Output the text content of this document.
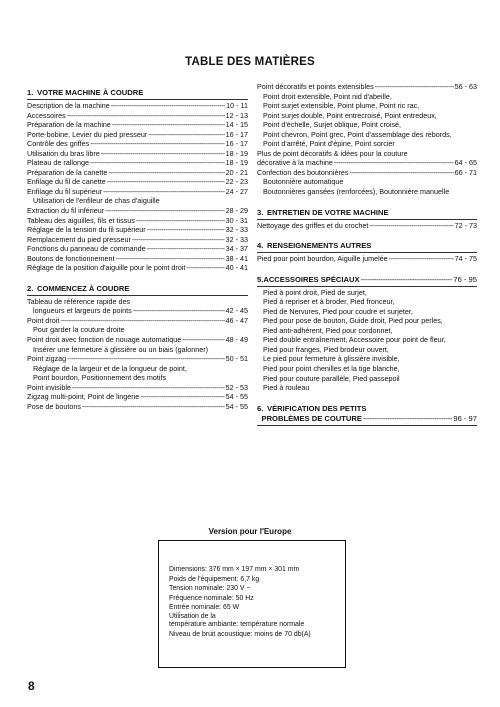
TABLE DES MATIÈRES
1. VOTRE MACHINE À COUDRE
Description de la machine -----	10 - 11
Accessoires -----	12 - 13
Préparation de la machine -----	14 - 15
Porte-bobine, Levier du pied presseur -----	16 - 17
Contrôle des griffes -----	16 - 17
Utilisation du bras libre -----	18 - 19
Plateau de rallonge -----	18 - 19
Préparation de la canette -----	20 - 21
Enfilage du fil de canette -----	22 - 23
Enfilage du fil supérieur -----	24 - 27
Utilisation de l'enfileur de chas d'aiguille
Extraction du fil inférieur -----	28 - 29
Tableau des aiguilles, fils et tissus -----	30 - 31
Réglage de la tension du fil supérieur -----	32 - 33
Remplacement du pied presseur -----	32 - 33
Fonctions du panneau de commande -----	34 - 37
Boutons de fonctionnement -----	38 - 41
Réglage de la position d'aiguille pour le point droit -----	40 - 41
2. COMMENCEZ À COUDRE
Tableau de référence rapide des
longueurs et largeurs de points -----	42 - 45
Point droit -----	46 - 47
Pour garder la couture droite
Point droit avec fonction de nouage automatique -----	48 - 49
Insérer une fermeture à glissière ou un biais (galonner)
Point zigzag -----	50 - 51
Réglage de la largeur et de la longueur de point,
Point bourdon, Positionnement des motifs
Point invisible -----	52 - 53
Zigzag multi-point, Point de lingerie -----	54 - 55
Pose de boutons -----	54 - 55
Point décoratifs et points extensibles -----	56 - 63
Point droit extensible, Point nid d'abeille,
Point surjet extensible, Point plume, Point ric rac,
Point surjet double, Point entrecroisé, Point entredeux,
Point d'échelle, Surjet oblique, Point croisé,
Point chevron, Point grec, Point d'assemblage des rebords,
Point d'arrêté, Point d'épine, Point sorcier
Plus de point décoratifs & idées pour la couture
décorative à la machine -----	64 - 65
Confection des boutonnières -----	66 - 71
Boutonnière automatique
Boutonnières gansées (renforcées), Boutonnière manuelle
3. ENTRETIEN DE VOTRE MACHINE
Nettoyage des griffes et du crochet -----	72 - 73
4. RENSEIGNEMENTS AUTRES
Pied pour point bourdon, Aiguille jumelée -----	74 - 75
5. ACCESSOIRES SPÉCIAUX -----	76 - 95
Pied à point droit, Pied de surjet,
Pied à repriser et à broder, Pied fronceur,
Pied de Nervures, Pied pour coudre et surjeter,
Pied pour pose de bouton, Guide droit, Pied pour perles,
Pied anti-adhérent, Pied pour cordonnet,
Pied double entraînement, Accessoire pour point de fleur,
Pied pour franges, Pied brodeur ouvert,
Le pied pour fermeture à glissière invisible,
Pied pour point chenilles et la tige blanche,
Pied pour couture parallèle, Pied passepoil
Pied à rouleau
6. VÉRIFICATION DES PETITS
PROBLÈMES DE COUTURE -----	96 - 97
Version pour l'Europe
Dimensions: 376 mm × 197 mm × 301 mm
Poids de l'équipement: 6,7 kg
Tension nominale: 230 V ~
Fréquence nominale: 50 Hz
Entrée nominale: 65 W
Utilisation de la
température ambiante: température normale
Niveau de bruit acoustique: moins de 70 db(A)
8
